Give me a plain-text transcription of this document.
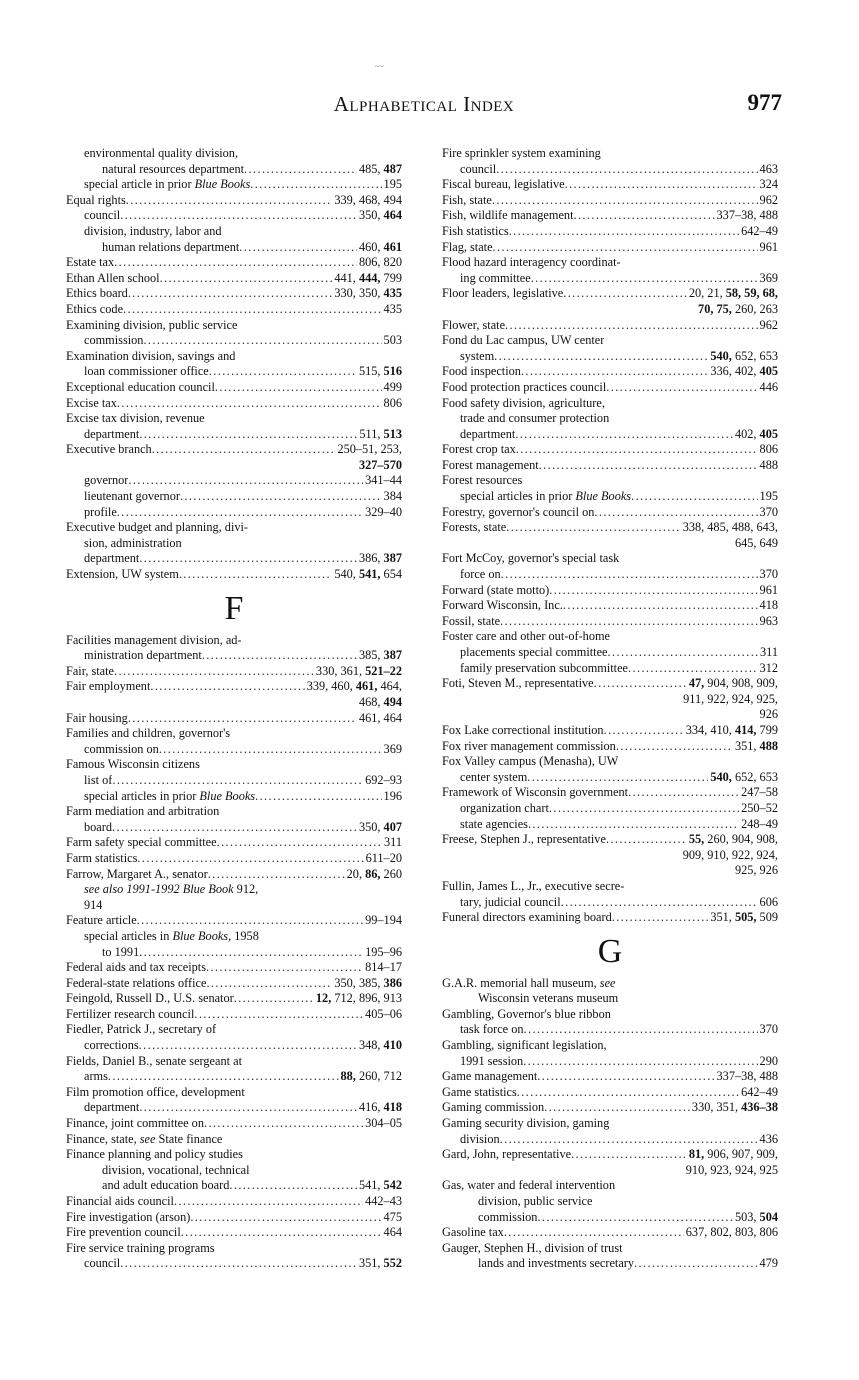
~~
Alphabetical Index	977
environmental quality division,
natural resources department .....	485, 487
special article in prior Blue Books .....	195
Equal rights .....	339, 468, 494
council .....	350, 464
division, industry, labor and
human relations department .....	460, 461
Estate tax .....	806, 820
Ethan Allen school .....	441, 444, 799
Ethics board .....	330, 350, 435
Ethics code .....	435
Examining division, public service
commission .....	503
Examination division, savings and
loan commissioner office .....	515, 516
Exceptional education council .....	499
Excise tax .....	806
Excise tax division, revenue
department .....	511, 513
Executive branch .....	250–51, 253,
327–570
governor .....	341–44
lieutenant governor .....	384
profile .....	329–40
Executive budget and planning, divi-
sion, administration
department .....	386, 387
Extension, UW system .....	540, 541, 654
F
Facilities management division, ad-
ministration department .....	385, 387
Fair, state .....	330, 361, 521–22
Fair employment .....	339, 460, 461, 464,
468, 494
Fair housing .....	461, 464
Families and children, governor's
commission on .....	369
Famous Wisconsin citizens
list of .....	692–93
special articles in prior Blue Books .....	196
Farm mediation and arbitration
board .....	350, 407
Farm safety special committee .....	311
Farm statistics .....	611–20
Farrow, Margaret A., senator .....	20, 86, 260
see also 1991-1992 Blue Book 912,
914
Feature article .....	99–194
special articles in Blue Books, 1958
to 1991 .....	195–96
Federal aids and tax receipts .....	814–17
Federal-state relations office .....	350, 385, 386
Feingold, Russell D., U.S. senator .....	12, 712, 896, 913
Fertilizer research council .....	405–06
Fiedler, Patrick J., secretary of
corrections .....	348, 410
Fields, Daniel B., senate sergeant at
arms .....	88, 260, 712
Film promotion office, development
department .....	416, 418
Finance, joint committee on .....	304–05
Finance, state, see State finance
Finance planning and policy studies
division, vocational, technical
and adult education board .....	541, 542
Financial aids council .....	442–43
Fire investigation (arson) .....	475
Fire prevention council .....	464
Fire service training programs
council .....	351, 552
Fire sprinkler system examining
council .....	463
Fiscal bureau, legislative .....	324
Fish, state .....	962
Fish, wildlife management .....	337–38, 488
Fish statistics .....	642–49
Flag, state .....	961
Flood hazard interagency coordinat-
ing committee .....	369
Floor leaders, legislative .....	20, 21, 58, 59, 68,
70, 75, 260, 263
Flower, state .....	962
Fond du Lac campus, UW center
system .....	540, 652, 653
Food inspection .....	336, 402, 405
Food protection practices council .....	446
Food safety division, agriculture,
trade and consumer protection
department .....	402, 405
Forest crop tax .....	806
Forest management .....	488
Forest resources
special articles in prior Blue Books .....	195
Forestry, governor's council on .....	370
Forests, state .....	338, 485, 488, 643,
645, 649
Fort McCoy, governor's special task
force on .....	370
Forward (state motto) .....	961
Forward Wisconsin, Inc. .....	418
Fossil, state .....	963
Foster care and other out-of-home
placements special committee .....	311
family preservation subcommittee .....	312
Foti, Steven M., representative .....	47, 904, 908, 909,
911, 922, 924, 925,
926
Fox Lake correctional institution .....	334, 410, 414, 799
Fox river management commission .....	351, 488
Fox Valley campus (Menasha), UW
center system .....	540, 652, 653
Framework of Wisconsin government .....	247–58
organization chart .....	250–52
state agencies .....	248–49
Freese, Stephen J., representative .....	55, 260, 904, 908,
909, 910, 922, 924,
925, 926
Fullin, James L., Jr., executive secre-
tary, judicial council .....	606
Funeral directors examining board .....	351, 505, 509
G
G.A.R. memorial hall museum, see
Wisconsin veterans museum
Gambling, Governor's blue ribbon
task force on .....	370
Gambling, significant legislation,
1991 session .....	290
Game management .....	337–38, 488
Game statistics .....	642–49
Gaming commission .....	330, 351, 436–38
Gaming security division, gaming
division .....	436
Gard, John, representative .....	81, 906, 907, 909,
910, 923, 924, 925
Gas, water and federal intervention
division, public service
commission .....	503, 504
Gasoline tax .....	637, 802, 803, 806
Gauger, Stephen H., division of trust
lands and investments secretary .....	479
